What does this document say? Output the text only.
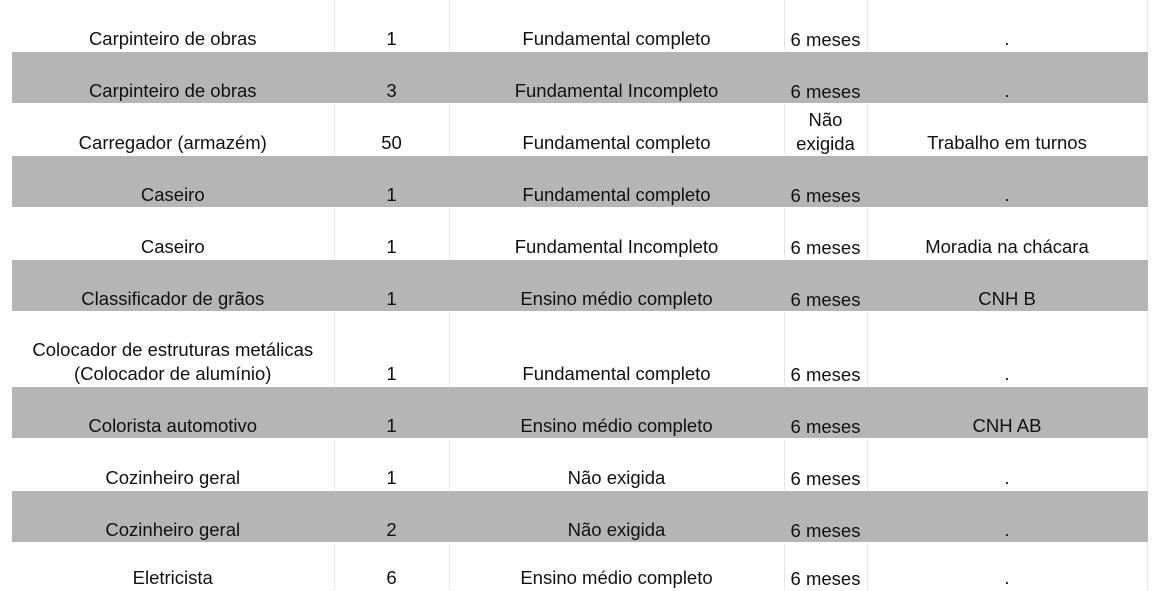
Carpinteiro de obras	1	Fundamental completo	6 meses	.	
Carpinteiro de obras	3	Fundamental Incompleto	6 meses	.	
Carregador (armazém)	50	Fundamental completo	Não exigida	Trabalho em turnos	
Caseiro	1	Fundamental completo	6 meses	.	
Caseiro	1	Fundamental Incompleto	6 meses	Moradia na chácara	
Classificador de grãos	1	Ensino médio completo	6 meses	CNH B	
Colocador de estruturas metálicas (Colocador de alumínio)	1	Fundamental completo	6 meses	.	
Colorista automotivo	1	Ensino médio completo	6 meses	CNH AB	
Cozinheiro geral	1	Não exigida	6 meses	.	
Cozinheiro geral	2	Não exigida	6 meses	.	
Eletricista	6	Ensino médio completo	6 meses	.	
